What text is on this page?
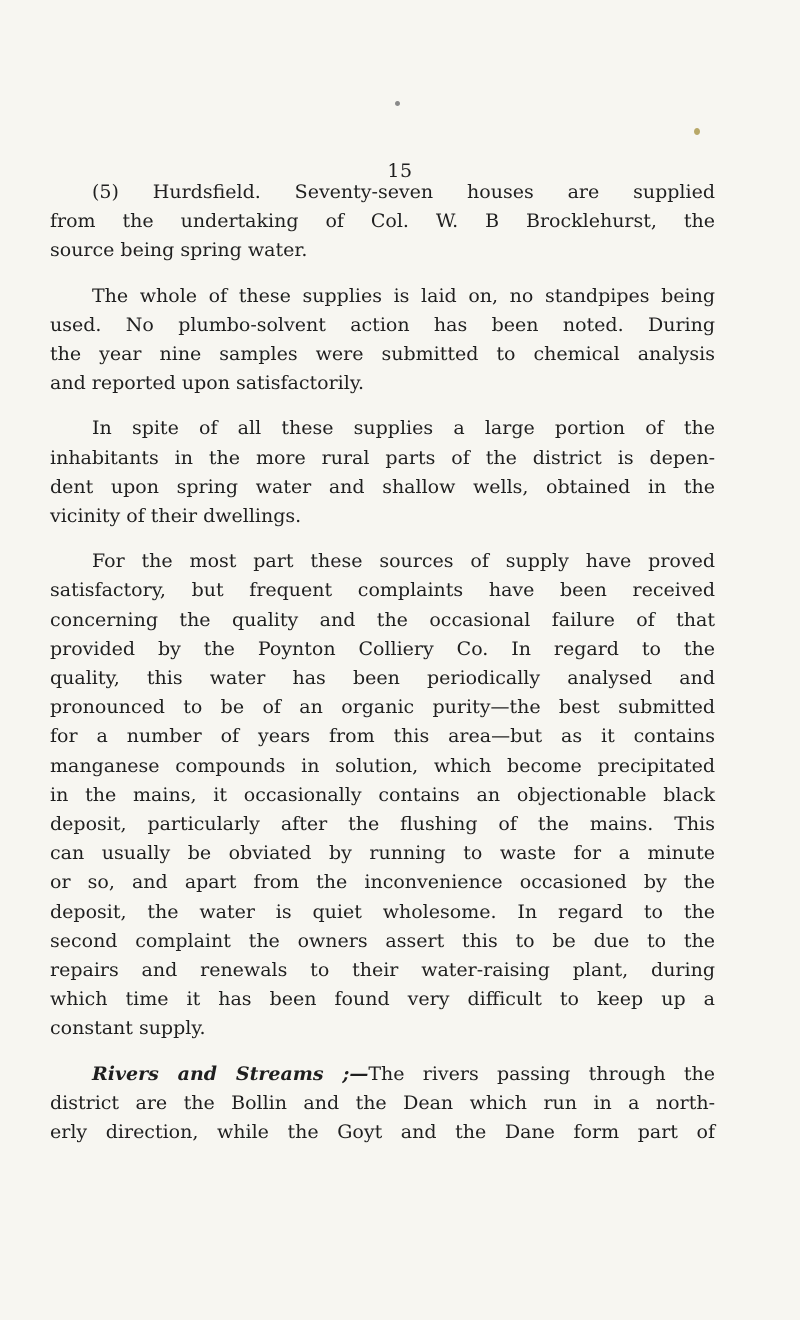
15

(5) Hurdsfield. Seventy-seven houses are supplied
from the undertaking of Col. W. B Brocklehurst, the
source being spring water.

The whole of these supplies is laid on, no standpipes being
used. No plumbo-solvent action has been noted. During
the year nine samples were submitted to chemical analysis
and reported upon satisfactorily.

In spite of all these supplies a large portion of the
inhabitants in the more rural parts of the district is depen-
dent upon spring water and shallow wells, obtained in the
vicinity of their dwellings.

For the most part these sources of supply have proved
satisfactory, but frequent complaints have been received
concerning the quality and the occasional failure of that
provided by the Poynton Colliery Co. In regard to the
quality, this water has been periodically analysed and
pronounced to be of an organic purity—the best submitted
for a number of years from this area—but as it contains
manganese compounds in solution, which become precipitated
in the mains, it occasionally contains an objectionable black
deposit, particularly after the flushing of the mains. This
can usually be obviated by running to waste for a minute
or so, and apart from the inconvenience occasioned by the
deposit, the water is quiet wholesome. In regard to the
second complaint the owners assert this to be due to the
repairs and renewals to their water-raising plant, during
which time it has been found very difficult to keep up a
constant supply.

Rivers and Streams ;—The rivers passing through the
district are the Bollin and the Dean which run in a north-
erly direction, while the Goyt and the Dane form part of
